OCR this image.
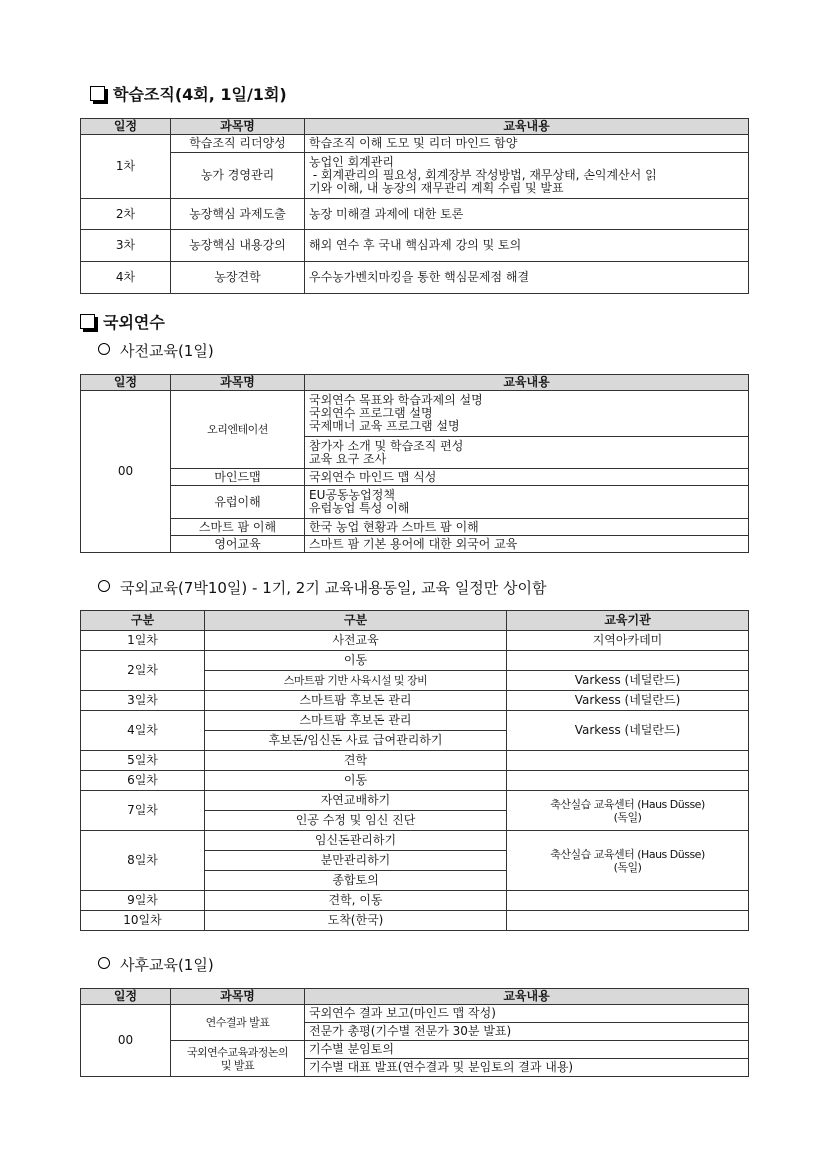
학습조직(4회, 1일/1회)
일정	과목명	교육내용
1차	학습조직 리더양성	학습조직 이해 도모 및 리더 마인드 함양
	농가 경영관리	농업인 회계관리
- 회계관리의 필요성, 회계장부 작성방법, 재무상태, 손익계산서 읽
기와 이해, 내 농장의 재무관리 계획 수립 및 발표

2차	농장핵심 과제도출	농장 미해결 과제에 대한 토론
3차	농장핵심 내용강의	해외 연수 후 국내 핵심과제 강의 및 토의
4차	농장견학	우수농가벤치마킹을 통한 핵심문제점 해결
국외연수
사전교육(1일)
일정	과목명	교육내용
00	오리엔테이션	국외연수 목표와 학습과제의 설명
국외연수 프로그램 설명
국제매너 교육 프로그램 설명

		참가자 소개 및 학습조직 편성
교육 요구 조사

	마인드맵	국외연수 마인드 맵 식성
	유럽이해	EU공동농업정책
유럽농업 특성 이해

	스마트 팜 이해	한국 농업 현황과 스마트 팜 이해
	영어교육	스마트 팜 기본 용어에 대한 외국어 교육
국외교육(7박10일) - 1기, 2기 교육내용동일, 교육 일정만 상이함
구분	구분	교육기관
1일차	사전교육	지역아카데미
2일차	이동	
	스마트팜 기반 사육시설 및 장비	Varkess (네덜란드)
3일차	스마트팜 후보돈 관리	Varkess (네덜란드)
4일차	스마트팜 후보돈 관리	Varkess (네덜란드)
	후보돈/임신돈 사료 급여관리하기	
5일차	견학	
6일차	이동	
7일차	자연교배하기	축산실습 교육센터 (Haus Düsse)
(독일)

	인공 수정 및 임신 진단	
8일차	임신돈관리하기	축산실습 교육센터 (Haus Düsse)
(독일)

	분만관리하기	
	종합토의	
9일차	견학, 이동	
10일차	도착(한국)	
사후교육(1일)
일정	과목명	교육내용
00	연수결과 발표	국외연수 결과 보고(마인드 맵 작성)
		전문가 총평(기수별 전문가 30분 발표)

	국외연수교육과정논의
및 발표	기수별 분임토의
		기수별 대표 발표(연수결과 및 분임토의 결과 내용)
